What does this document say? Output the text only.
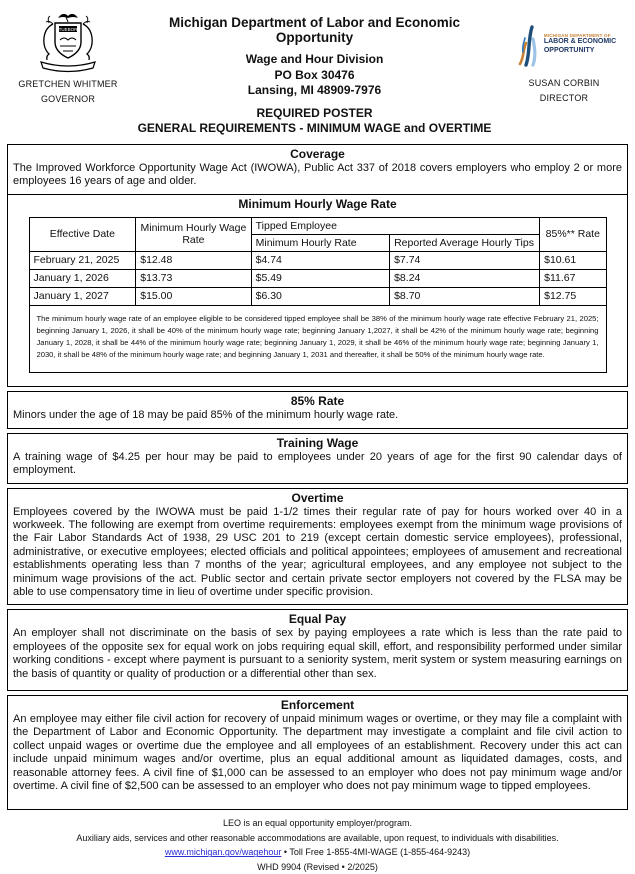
TUEBOR
GRETCHEN WHITMER
GOVERNOR
Michigan Department of Labor and Economic Opportunity
Wage and Hour Division
PO Box 30476
Lansing, MI 48909-7976
REQUIRED POSTER
GENERAL REQUIREMENTS - MINIMUM WAGE and OVERTIME
MICHIGAN DEPARTMENT OF
LABOR & ECONOMIC
OPPORTUNITY
SUSAN CORBIN
DIRECTOR
Coverage
The Improved Workforce Opportunity Wage Act (IWOWA), Public Act 337 of 2018 covers employers who employ 2 or more employees 16 years of age and older.
Minimum Hourly Wage Rate
Effective Date	Minimum Hourly Wage Rate	Tipped Employee		85%** Rate
		Minimum Hourly Rate	Reported Average Hourly Tips	
February 21, 2025	$12.48	$4.74	$7.74	$10.61
January 1, 2026	$13.73	$5.49	$8.24	$11.67
January 1, 2027	$15.00	$6.30	$8.70	$12.75
The minimum hourly wage rate of an employee eligible to be considered tipped employee shall be 38% of the minimum hourly wage rate effective February 21, 2025; beginning January 1, 2026, it shall be 40% of the minimum hourly wage rate; beginning January 1,2027, it shall be 42% of the minimum hourly wage rate; beginning January 1, 2028, it shall be 44% of the minimum hourly wage rate; beginning January 1, 2029, it shall be 46% of the minimum hourly wage rate; beginning January 1, 2030, it shall be 48% of the minimum hourly wage rate; and beginning January 1, 2031 and thereafter, it shall be 50% of the minimum hourly wage rate.				
85% Rate
Minors under the age of 18 may be paid 85% of the minimum hourly wage rate.
Training Wage
A training wage of $4.25 per hour may be paid to employees under 20 years of age for the first 90 calendar days of employment.
Overtime
Employees covered by the IWOWA must be paid 1-1/2 times their regular rate of pay for hours worked over 40 in a workweek. The following are exempt from overtime requirements: employees exempt from the minimum wage provisions of the Fair Labor Standards Act of 1938, 29 USC 201 to 219 (except certain domestic service employees), professional, administrative, or executive employees; elected officials and political appointees; employees of amusement and recreational establishments operating less than 7 months of the year; agricultural employees, and any employee not subject to the minimum wage provisions of the act. Public sector and certain private sector employers not covered by the FLSA may be able to use compensatory time in lieu of overtime under specific provision.
Equal Pay
An employer shall not discriminate on the basis of sex by paying employees a rate which is less than the rate paid to employees of the opposite sex for equal work on jobs requiring equal skill, effort, and responsibility performed under similar working conditions - except where payment is pursuant to a seniority system, merit system or system measuring earnings on the basis of quantity or quality of production or a differential other than sex.
Enforcement
An employee may either file civil action for recovery of unpaid minimum wages or overtime, or they may file a complaint with the Department of Labor and Economic Opportunity. The department may investigate a complaint and file civil action to collect unpaid wages or overtime due the employee and all employees of an establishment. Recovery under this act can include unpaid minimum wages and/or overtime, plus an equal additional amount as liquidated damages, costs, and reasonable attorney fees. A civil fine of $1,000 can be assessed to an employer who does not pay minimum wage and/or overtime. A civil fine of $2,500 can be assessed to an employer who does not pay minimum wage to tipped employees.
LEO is an equal opportunity employer/program.
Auxiliary aids, services and other reasonable accommodations are available, upon request, to individuals with disabilities.
www.michigan.gov/wagehour • Toll Free 1-855-4MI-WAGE (1-855-464-9243)
WHD 9904 (Revised • 2/2025)
